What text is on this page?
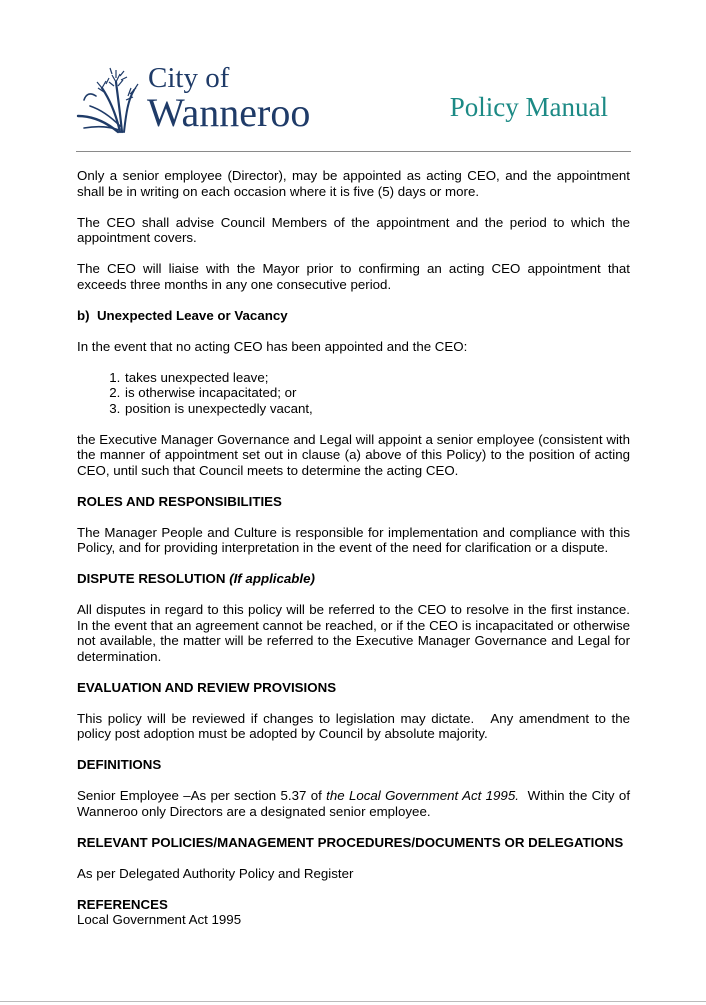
City of
Wanneroo	Policy Manual

Only a senior employee (Director), may be appointed as acting CEO, and the appointment shall be in writing on each occasion where it is five (5) days or more.

The CEO shall advise Council Members of the appointment and the period to which the appointment covers.

The CEO will liaise with the Mayor prior to confirming an acting CEO appointment that exceeds three months in any one consecutive period.

b)  Unexpected Leave or Vacancy

In the event that no acting CEO has been appointed and the CEO:

1. takes unexpected leave;
2. is otherwise incapacitated; or
3. position is unexpectedly vacant,

the Executive Manager Governance and Legal will appoint a senior employee (consistent with the manner of appointment set out in clause (a) above of this Policy) to the position of acting CEO, until such that Council meets to determine the acting CEO.

ROLES AND RESPONSIBILITIES

The Manager People and Culture is responsible for implementation and compliance with this Policy, and for providing interpretation in the event of the need for clarification or a dispute.

DISPUTE RESOLUTION (If applicable)

All disputes in regard to this policy will be referred to the CEO to resolve in the first instance. In the event that an agreement cannot be reached, or if the CEO is incapacitated or otherwise not available, the matter will be referred to the Executive Manager Governance and Legal for determination.

EVALUATION AND REVIEW PROVISIONS

This policy will be reviewed if changes to legislation may dictate.   Any amendment to the policy post adoption must be adopted by Council by absolute majority.

DEFINITIONS

Senior Employee –As per section 5.37 of the Local Government Act 1995.  Within the City of Wanneroo only Directors are a designated senior employee.

RELEVANT POLICIES/MANAGEMENT PROCEDURES/DOCUMENTS OR DELEGATIONS

As per Delegated Authority Policy and Register

REFERENCES

Local Government Act 1995
